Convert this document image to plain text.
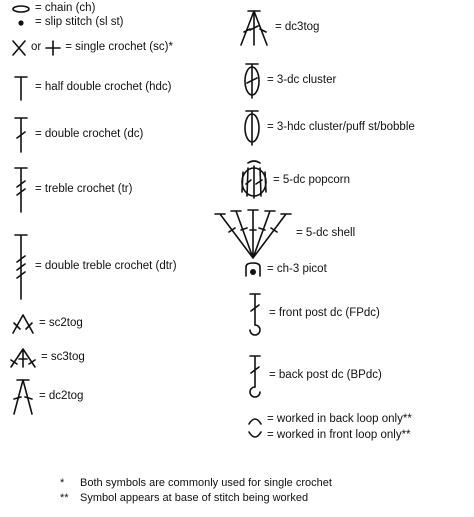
= chain (ch)
= slip stitch (sl st)
or = single crochet (sc)*
= half double crochet (hdc)
= double crochet (dc)
= treble crochet (tr)
= double treble crochet (dtr)
= sc2tog
= sc3tog
= dc2tog
= dc3tog
= 3-dc cluster
= 3-hdc cluster/puff st/bobble
= 5-dc popcorn
= 5-dc shell
= ch-3 picot
= front post dc (FPdc)
= back post dc (BPdc)
= worked in back loop only**
= worked in front loop only**
* Both symbols are commonly used for single crochet
** Symbol appears at base of stitch being worked
